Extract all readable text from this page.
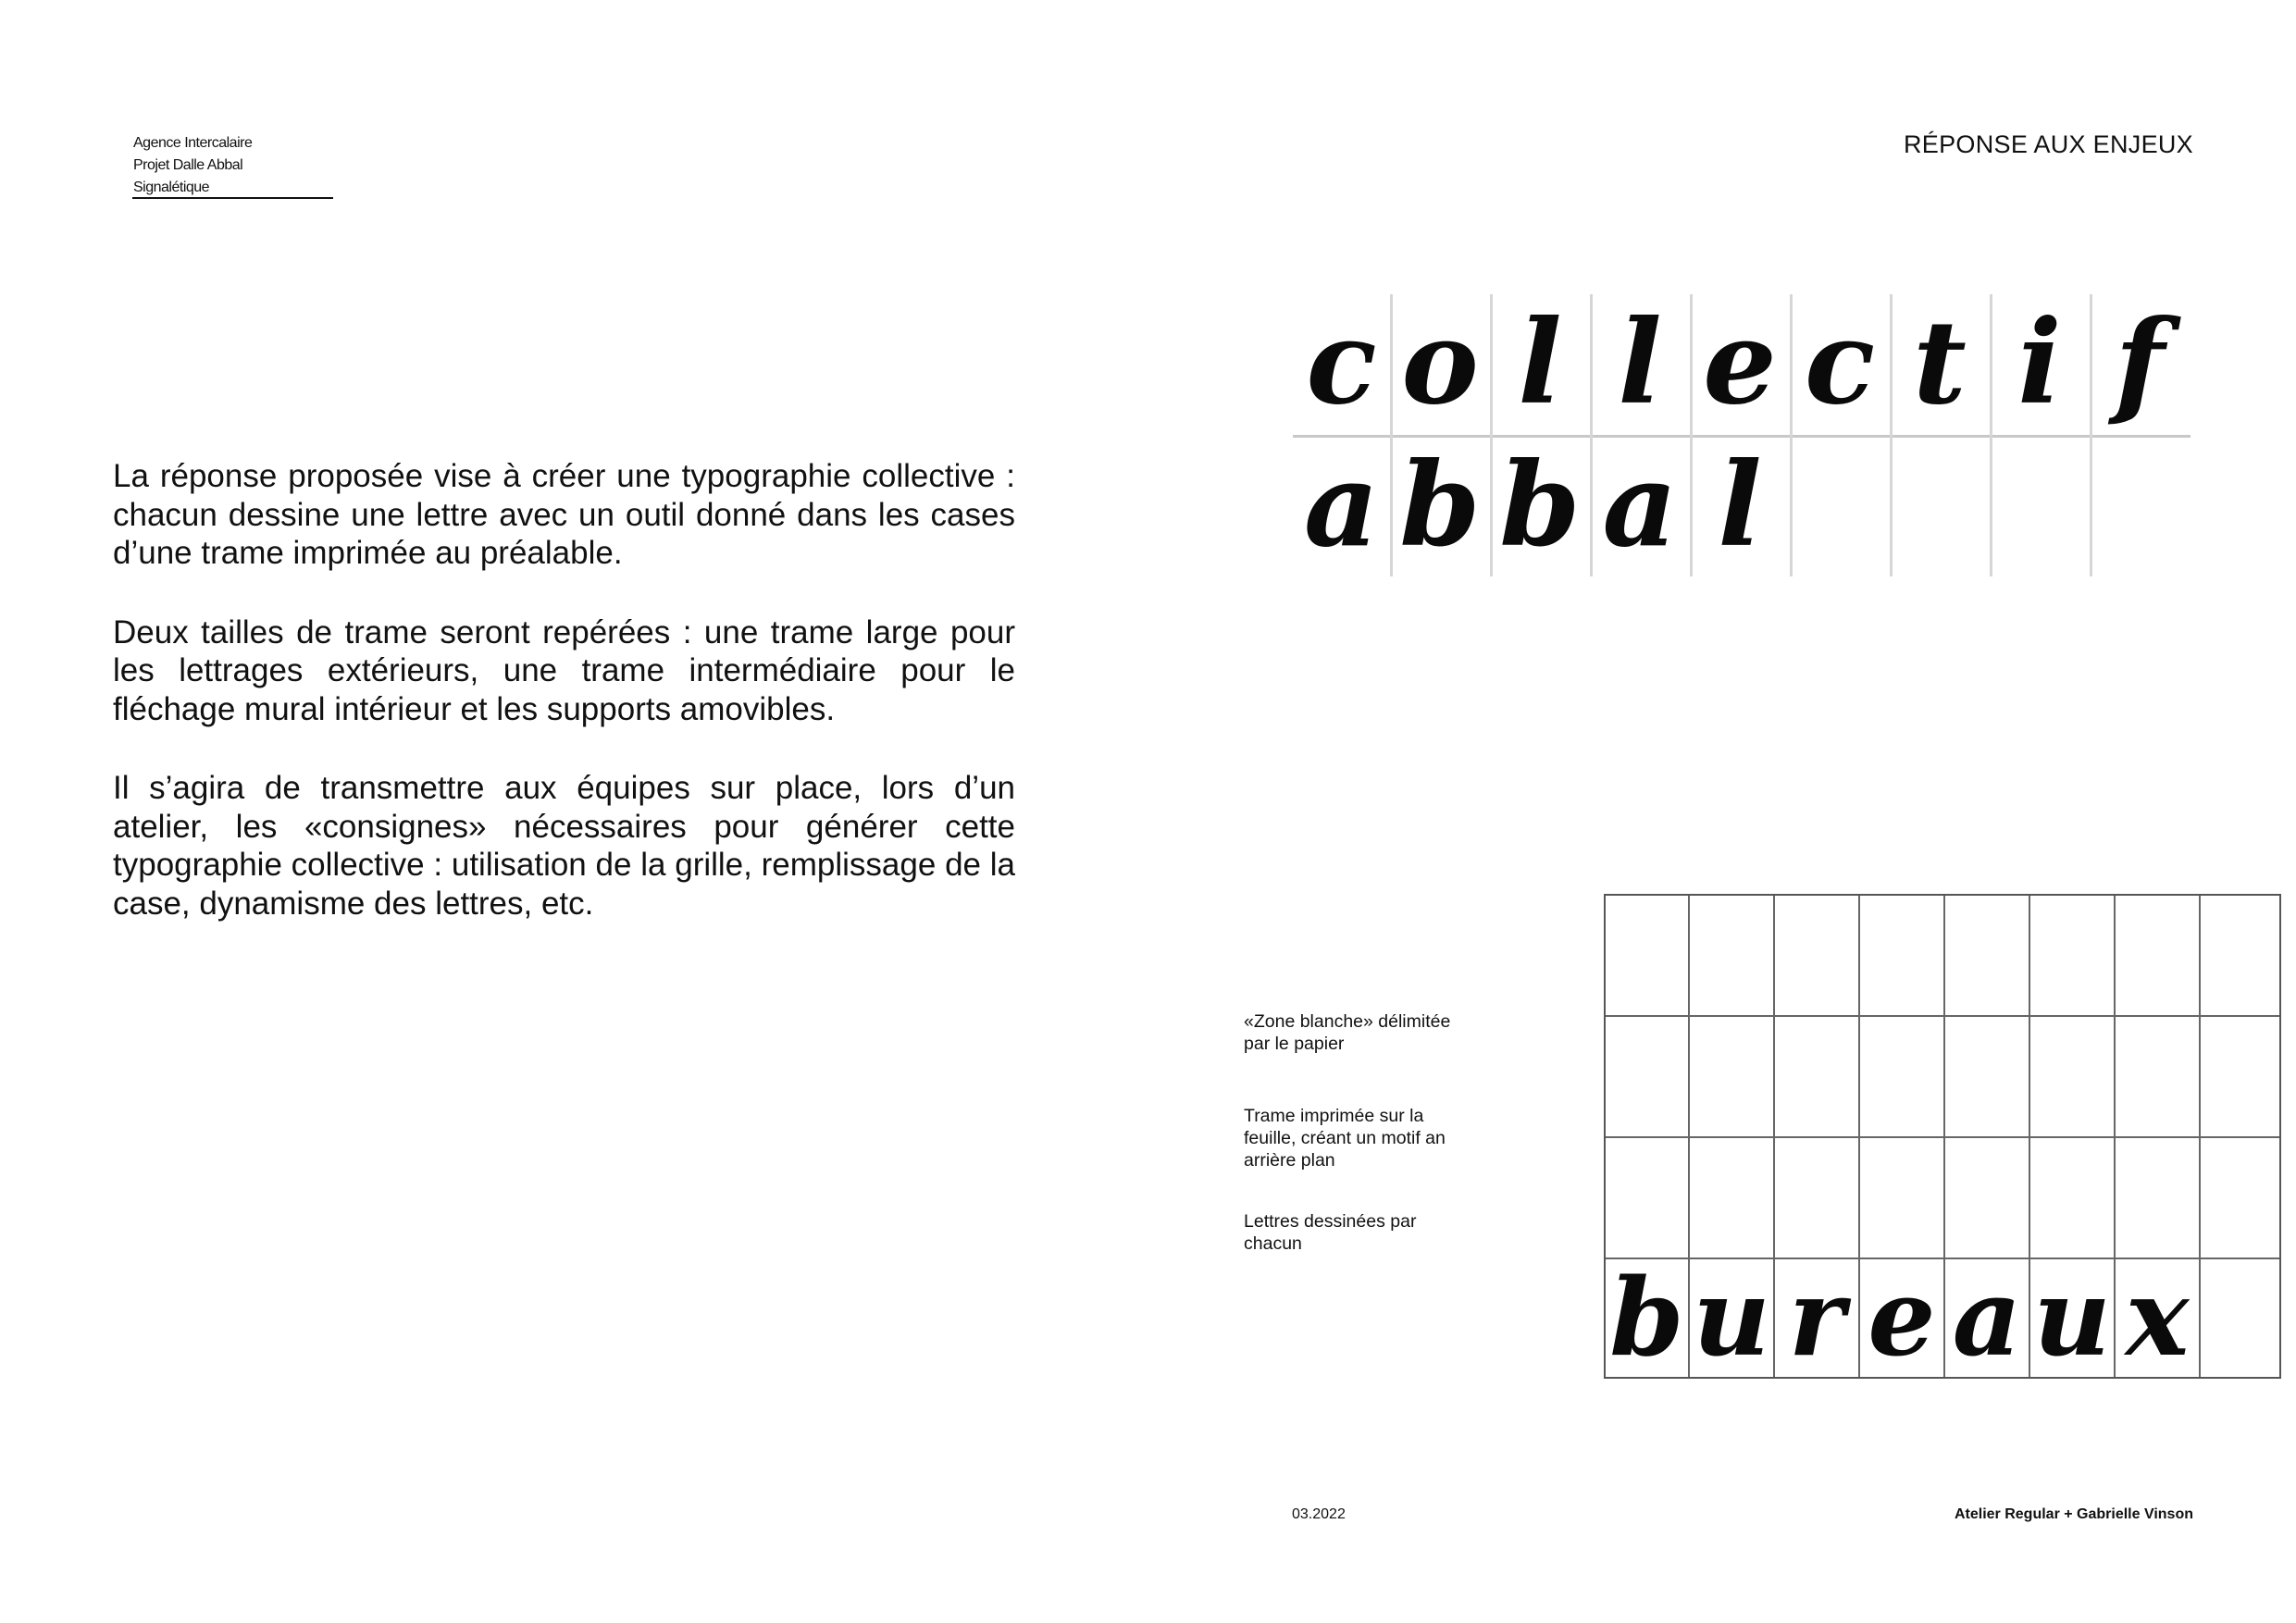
Agence Intercalaire
Projet Dalle Abbal
Signalétique
RÉPONSE AUX ENJEUX

La réponse proposée vise à créer une typographie collective : chacun dessine une lettre avec un outil donné dans les cases d’une trame imprimée au préalable.

Deux tailles de trame seront repérées : une trame large pour les lettrages extérieurs, une trame intermédiaire pour le fléchage mural intérieur et les supports amovibles.

Il s’agira de transmettre aux équipes sur place, lors d’un atelier, les «consignes» nécessaires pour générer cette typographie collective : utilisation de la grille, remplissage de la case, dynamisme des lettres, etc.

c o l l e c t i f
a b b a l
«Zone blanche» délimitée par le papier
Trame imprimée sur la feuille, créant un motif an arrière plan
Lettres dessinées par chacun
b u r e a u x
03.2022	Atelier Regular + Gabrielle Vinson
